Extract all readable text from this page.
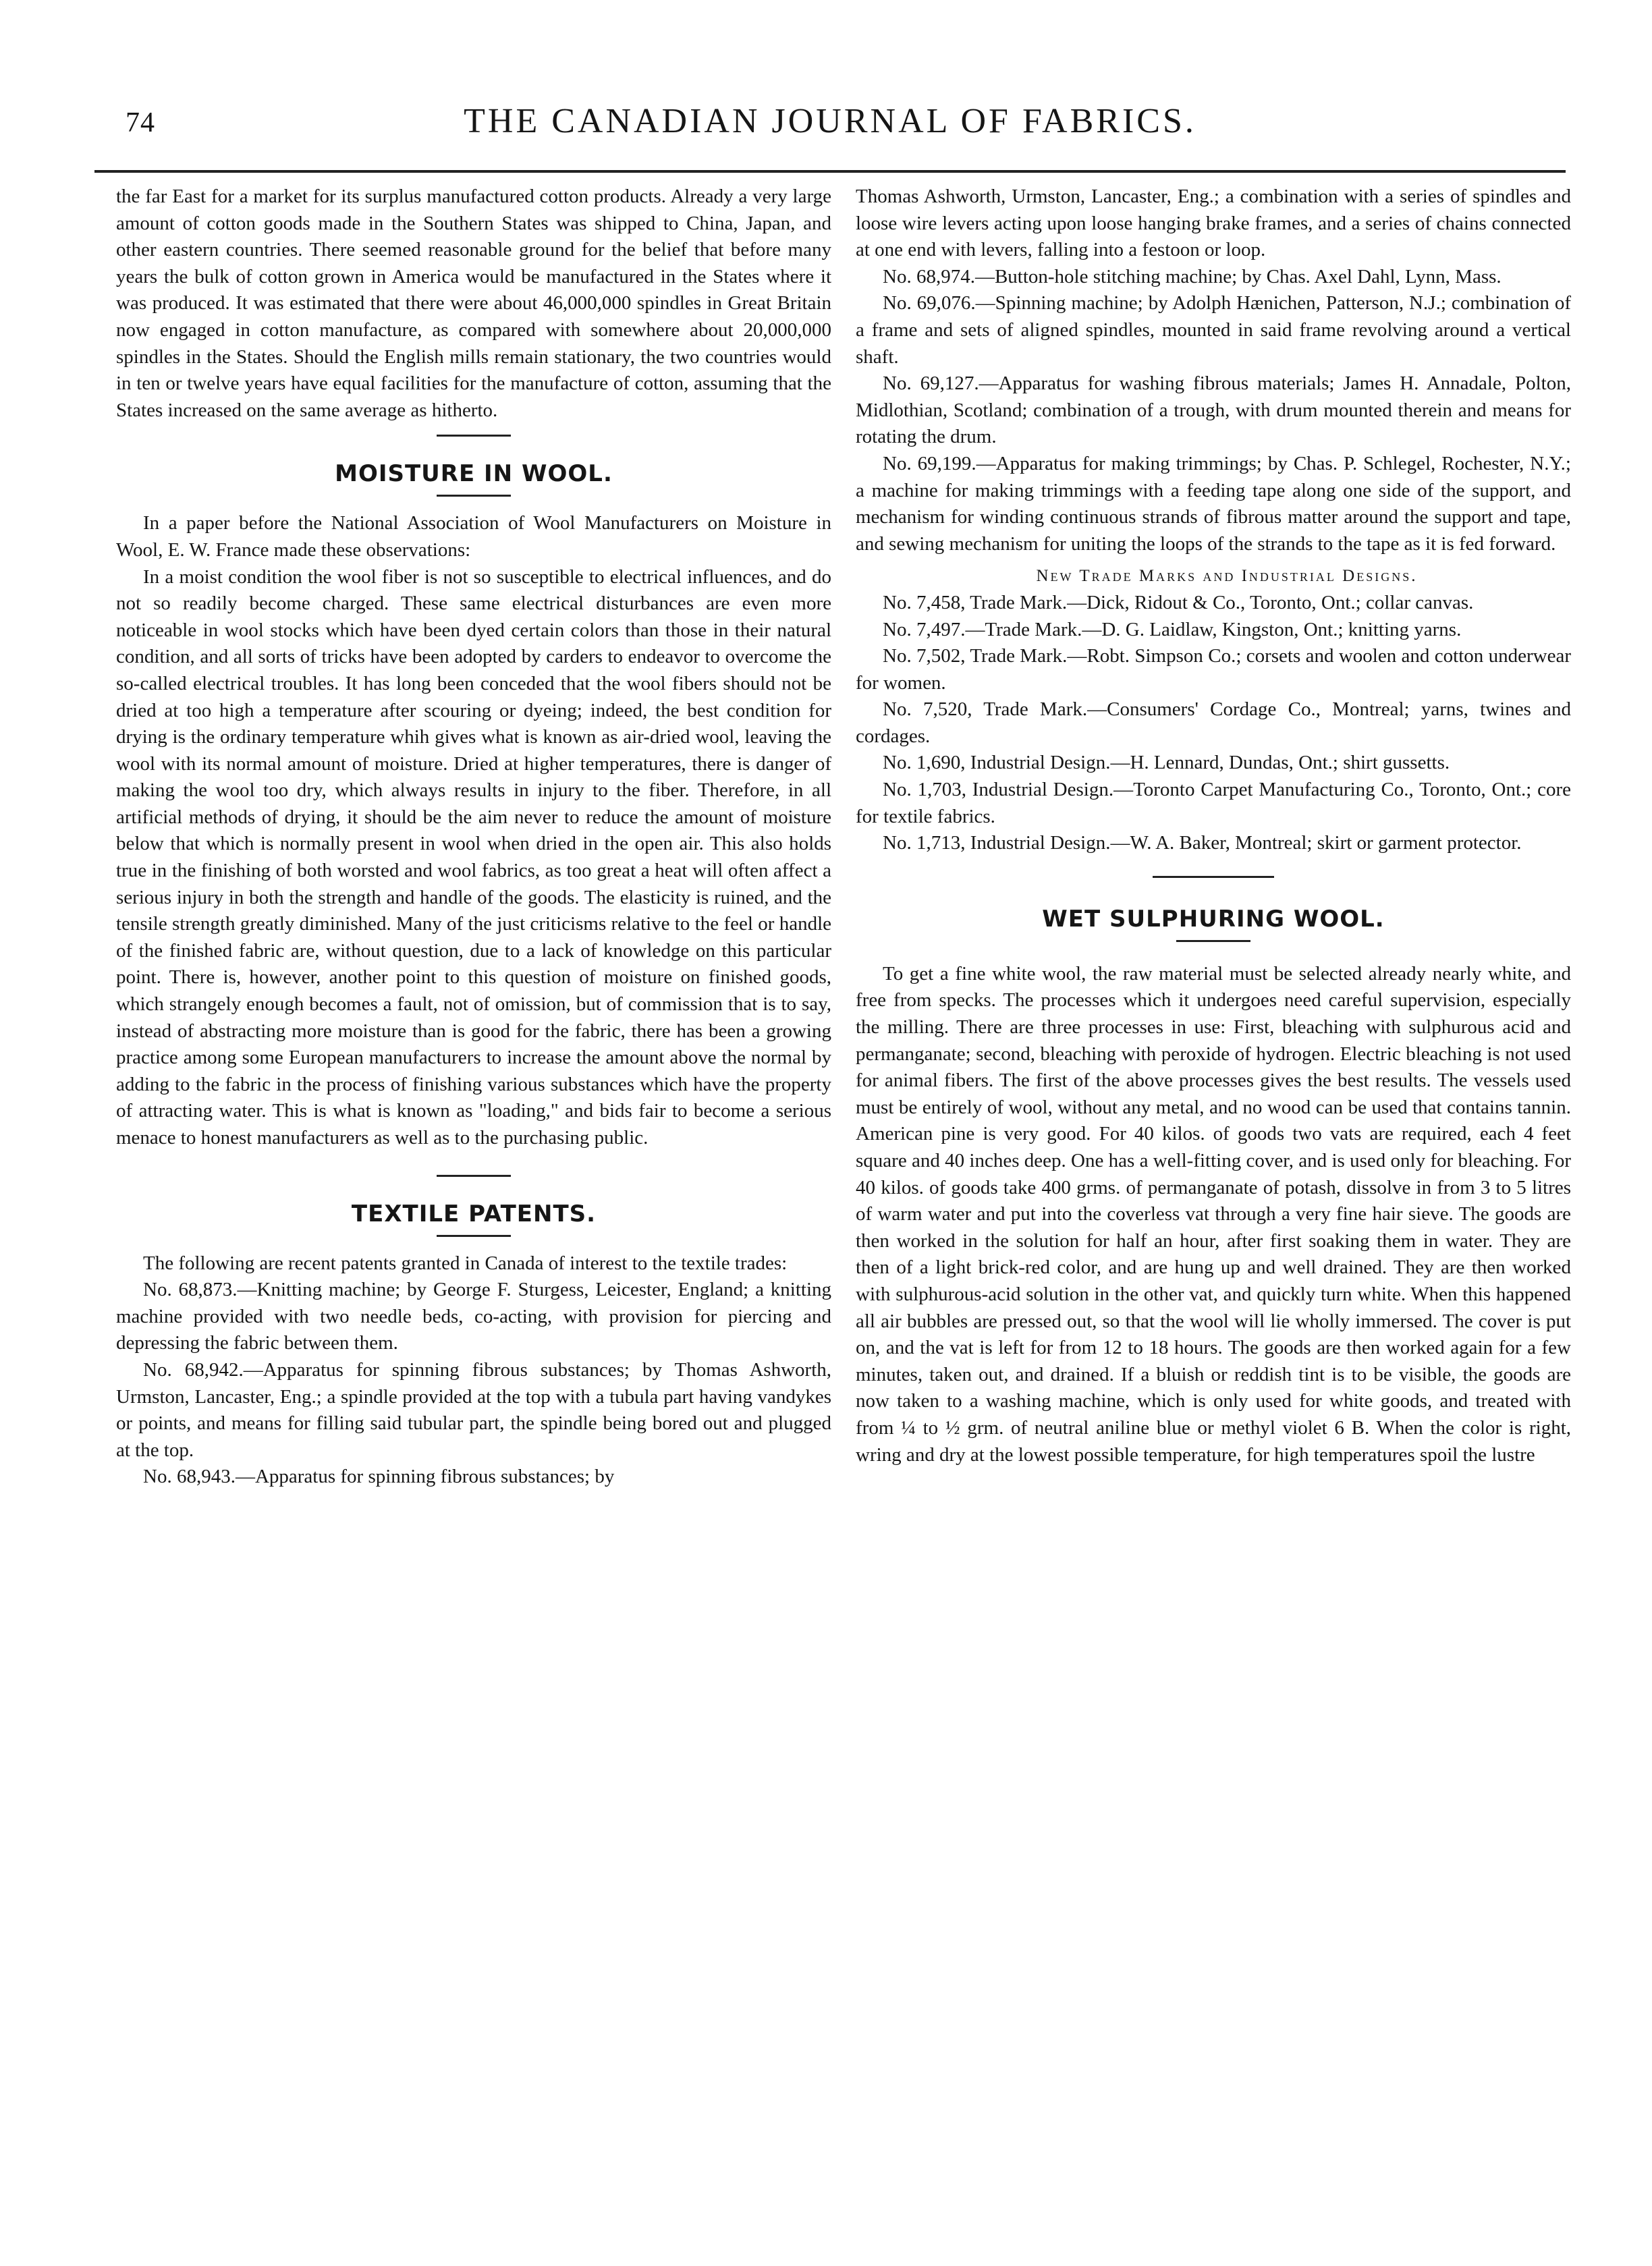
74	THE CANADIAN JOURNAL OF FABRICS.

the far East for a market for its surplus manufactured cotton products. Already a very large amount of cotton goods made in the Southern States was shipped to China, Japan, and other eastern countries. There seemed reasonable ground for the belief that before many years the bulk of cotton grown in America would be manufactured in the States where it was produced. It was estimated that there were about 46,000,000 spindles in Great Britain now engaged in cotton manufacture, as compared with somewhere about 20,000,000 spindles in the States. Should the English mills remain stationary, the two countries would in ten or twelve years have equal facilities for the manufacture of cotton, assuming that the States increased on the same average as hitherto.

MOISTURE IN WOOL.

In a paper before the National Association of Wool Manufacturers on Moisture in Wool, E. W. France made these observations:

In a moist condition the wool fiber is not so susceptible to electrical influences, and do not so readily become charged. These same electrical disturbances are even more noticeable in wool stocks which have been dyed certain colors than those in their natural condition, and all sorts of tricks have been adopted by carders to endeavor to overcome the so-called electrical troubles. It has long been conceded that the wool fibers should not be dried at too high a temperature after scouring or dyeing; indeed, the best condition for drying is the ordinary temperature whih gives what is known as air-dried wool, leaving the wool with its normal amount of moisture. Dried at higher temperatures, there is danger of making the wool too dry, which always results in injury to the fiber. Therefore, in all artificial methods of drying, it should be the aim never to reduce the amount of moisture below that which is normally present in wool when dried in the open air. This also holds true in the finishing of both worsted and wool fabrics, as too great a heat will often affect a serious injury in both the strength and handle of the goods. The elasticity is ruined, and the tensile strength greatly diminished. Many of the just criticisms relative to the feel or handle of the finished fabric are, without question, due to a lack of knowledge on this particular point. There is, however, another point to this question of moisture on finished goods, which strangely enough becomes a fault, not of omission, but of commission that is to say, instead of abstracting more moisture than is good for the fabric, there has been a growing practice among some European manufacturers to increase the amount above the normal by adding to the fabric in the process of finishing various substances which have the property of attracting water. This is what is known as "loading," and bids fair to become a serious menace to honest manufacturers as well as to the purchasing public.

TEXTILE PATENTS.

The following are recent patents granted in Canada of interest to the textile trades:

No. 68,873.—Knitting machine; by George F. Sturgess, Leicester, England; a knitting machine provided with two needle beds, co-acting, with provision for piercing and depressing the fabric between them.

No. 68,942.—Apparatus for spinning fibrous substances; by Thomas Ashworth, Urmston, Lancaster, Eng.; a spindle provided at the top with a tubula part having vandykes or points, and means for filling said tubular part, the spindle being bored out and plugged at the top.

No. 68,943.—Apparatus for spinning fibrous substances; by

Thomas Ashworth, Urmston, Lancaster, Eng.; a combination with a series of spindles and loose wire levers acting upon loose hanging brake frames, and a series of chains connected at one end with levers, falling into a festoon or loop.

No. 68,974.—Button-hole stitching machine; by Chas. Axel Dahl, Lynn, Mass.

No. 69,076.—Spinning machine; by Adolph Hænichen, Patterson, N.J.; combination of a frame and sets of aligned spindles, mounted in said frame revolving around a vertical shaft.

No. 69,127.—Apparatus for washing fibrous materials; James H. Annadale, Polton, Midlothian, Scotland; combination of a trough, with drum mounted therein and means for rotating the drum.

No. 69,199.—Apparatus for making trimmings; by Chas. P. Schlegel, Rochester, N.Y.; a machine for making trimmings with a feeding tape along one side of the support, and mechanism for winding continuous strands of fibrous matter around the support and tape, and sewing mechanism for uniting the loops of the strands to the tape as it is fed forward.

New Trade Marks and Industrial Designs.

No. 7,458, Trade Mark.—Dick, Ridout & Co., Toronto, Ont.; collar canvas.

No. 7,497.—Trade Mark.—D. G. Laidlaw, Kingston, Ont.; knitting yarns.

No. 7,502, Trade Mark.—Robt. Simpson Co.; corsets and woolen and cotton underwear for women.

No. 7,520, Trade Mark.—Consumers' Cordage Co., Montreal; yarns, twines and cordages.

No. 1,690, Industrial Design.—H. Lennard, Dundas, Ont.; shirt gussetts.

No. 1,703, Industrial Design.—Toronto Carpet Manufacturing Co., Toronto, Ont.; core for textile fabrics.

No. 1,713, Industrial Design.—W. A. Baker, Montreal; skirt or garment protector.

WET SULPHURING WOOL.

To get a fine white wool, the raw material must be selected already nearly white, and free from specks. The processes which it undergoes need careful supervision, especially the milling. There are three processes in use: First, bleaching with sulphurous acid and permanganate; second, bleaching with peroxide of hydrogen. Electric bleaching is not used for animal fibers. The first of the above processes gives the best results. The vessels used must be entirely of wool, without any metal, and no wood can be used that contains tannin. American pine is very good. For 40 kilos. of goods two vats are required, each 4 feet square and 40 inches deep. One has a well-fitting cover, and is used only for bleaching. For 40 kilos. of goods take 400 grms. of permanganate of potash, dissolve in from 3 to 5 litres of warm water and put into the coverless vat through a very fine hair sieve. The goods are then worked in the solution for half an hour, after first soaking them in water. They are then of a light brick-red color, and are hung up and well drained. They are then worked with sulphurous-acid solution in the other vat, and quickly turn white. When this happened all air bubbles are pressed out, so that the wool will lie wholly immersed. The cover is put on, and the vat is left for from 12 to 18 hours. The goods are then worked again for a few minutes, taken out, and drained. If a bluish or reddish tint is to be visible, the goods are now taken to a washing machine, which is only used for white goods, and treated with from ¼ to ½ grm. of neutral aniline blue or methyl violet 6 B. When the color is right, wring and dry at the lowest possible temperature, for high temperatures spoil the lustre
